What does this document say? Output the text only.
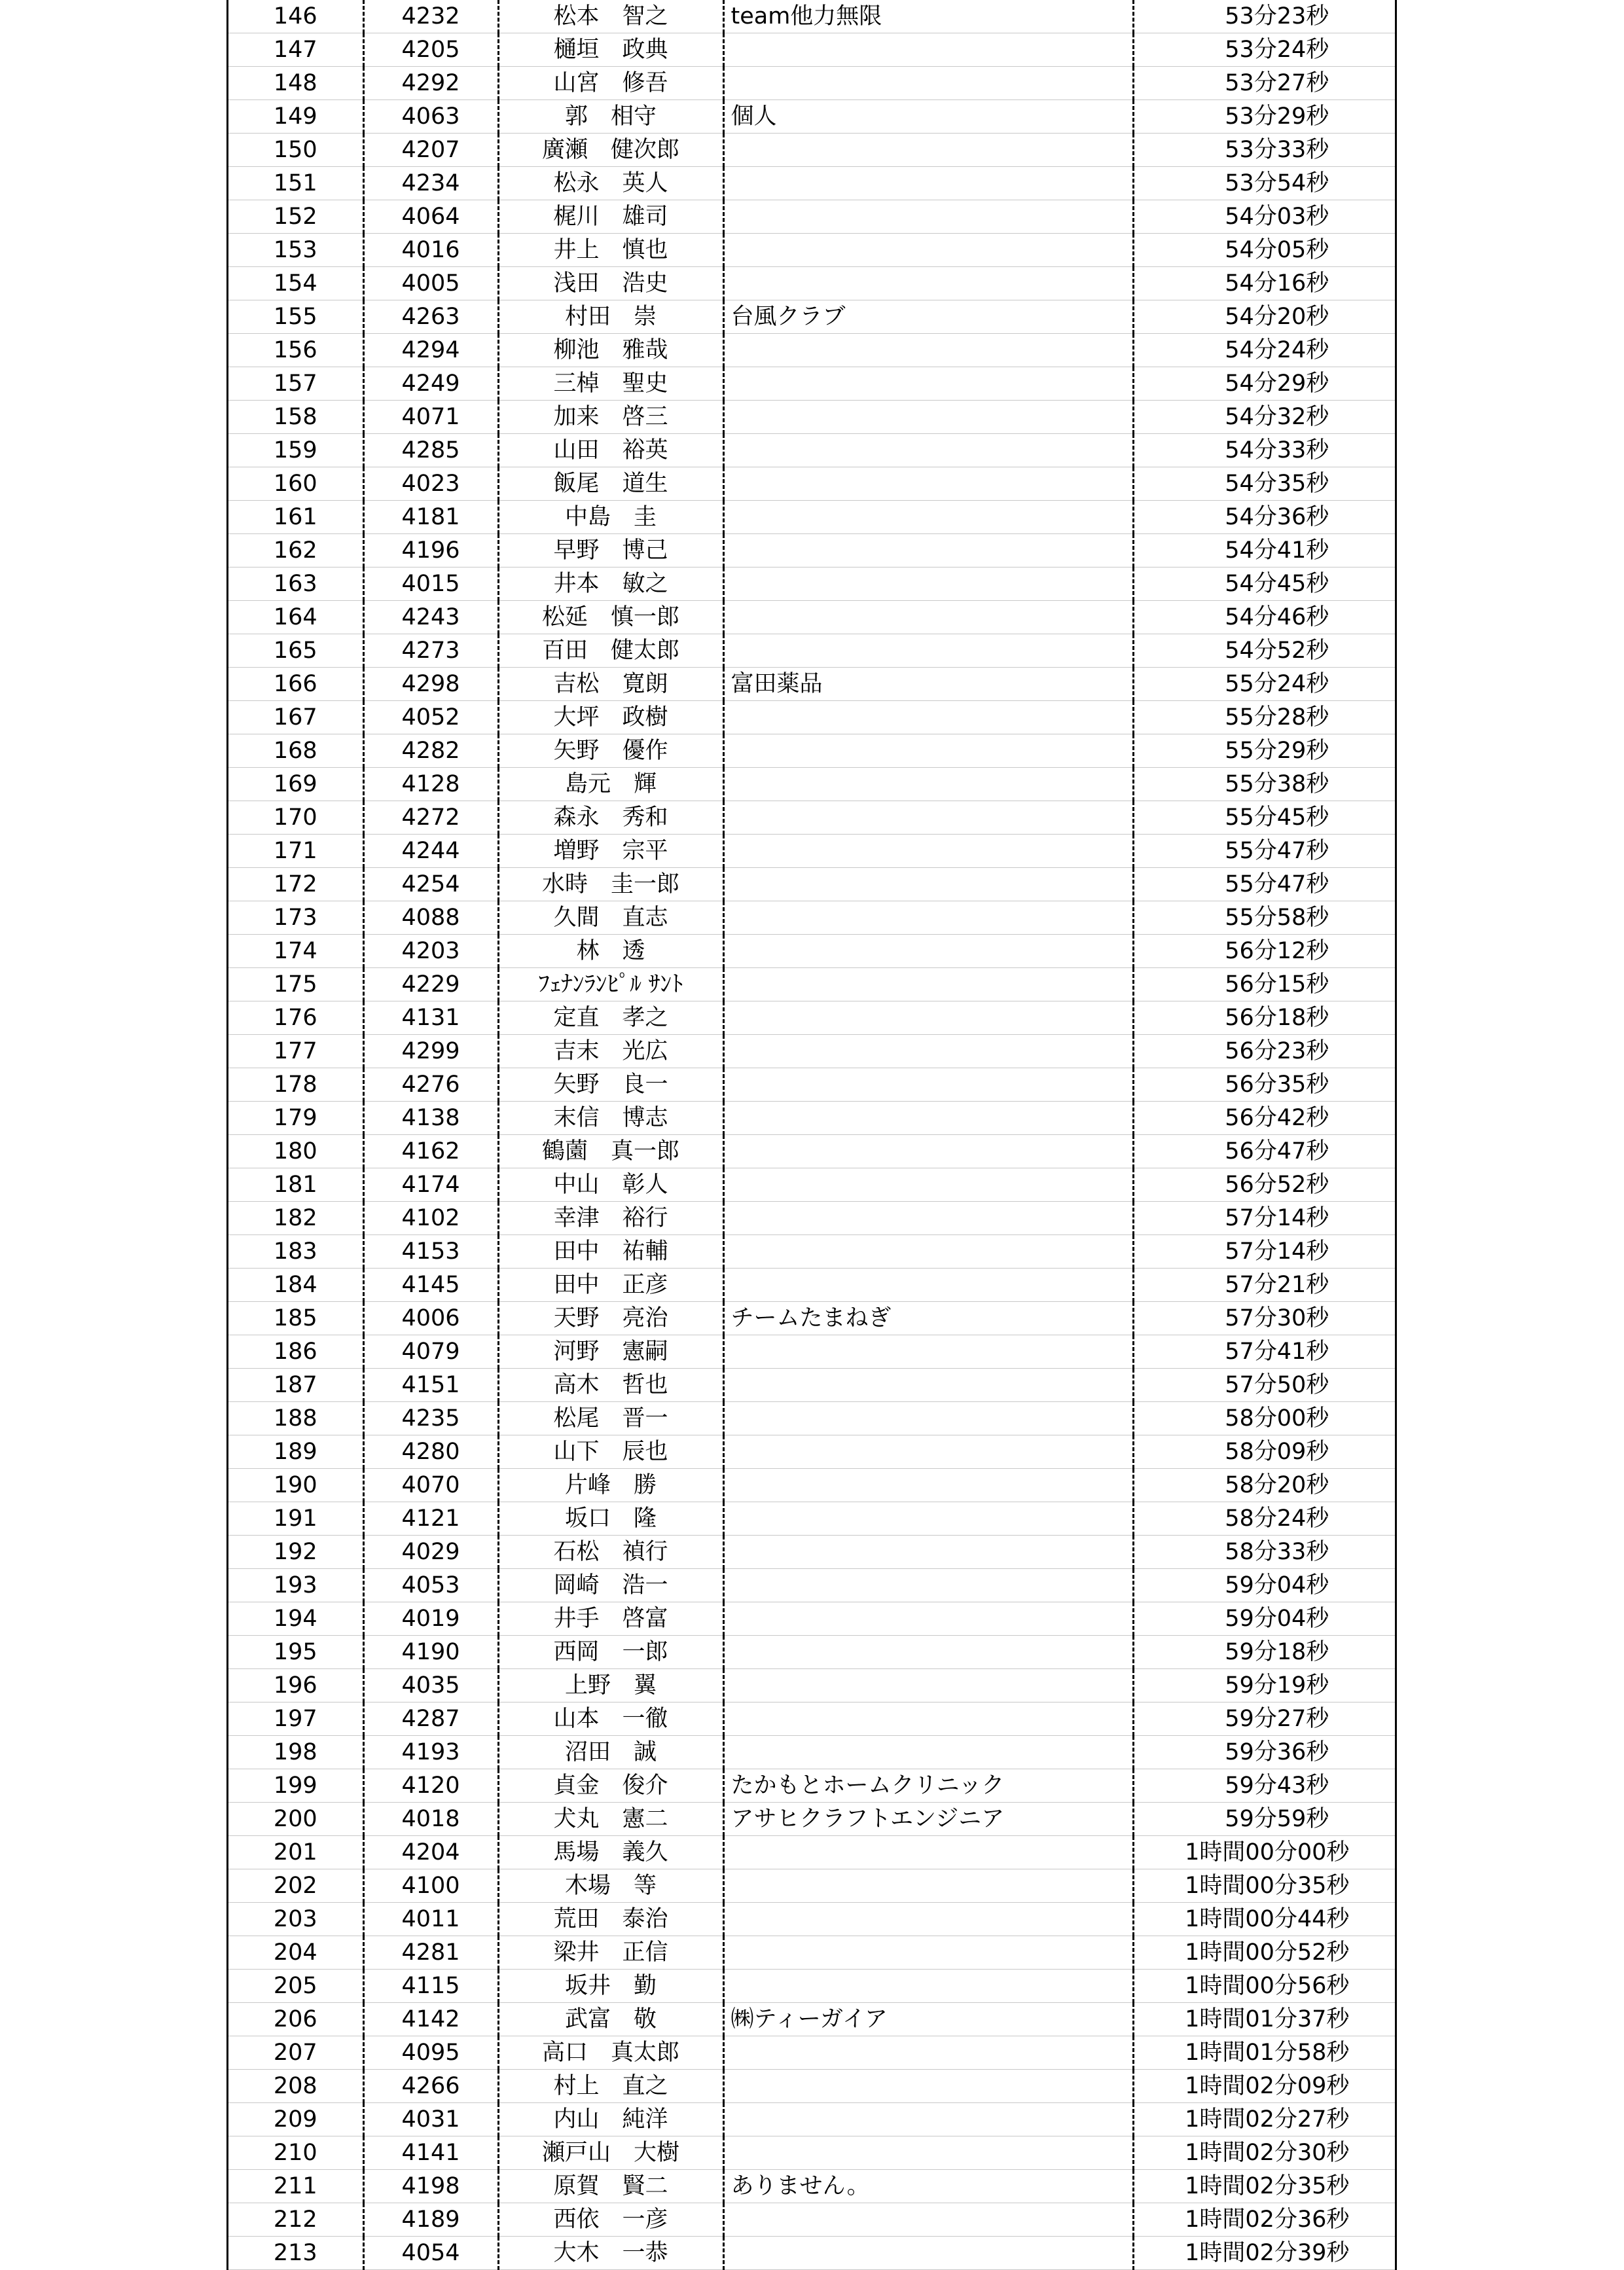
146	4232	松本　智之	team他力無限	53分23秒
147	4205	樋垣　政典		53分24秒
148	4292	山宮　修吾		53分27秒
149	4063	郭　相守	個人	53分29秒
150	4207	廣瀬　健次郎		53分33秒
151	4234	松永　英人		53分54秒
152	4064	梶川　雄司		54分03秒
153	4016	井上　慎也		54分05秒
154	4005	浅田　浩史		54分16秒
155	4263	村田　崇	台風クラブ	54分20秒
156	4294	柳池　雅哉		54分24秒
157	4249	三棹　聖史		54分29秒
158	4071	加来　啓三		54分32秒
159	4285	山田　裕英		54分33秒
160	4023	飯尾　道生		54分35秒
161	4181	中島　圭		54分36秒
162	4196	早野　博己		54分41秒
163	4015	井本　敏之		54分45秒
164	4243	松延　慎一郎		54分46秒
165	4273	百田　健太郎		54分52秒
166	4298	吉松　寛朗	富田薬品	55分24秒
167	4052	大坪　政樹		55分28秒
168	4282	矢野　優作		55分29秒
169	4128	島元　輝		55分38秒
170	4272	森永　秀和		55分45秒
171	4244	増野　宗平		55分47秒
172	4254	水時　圭一郎		55分47秒
173	4088	久間　直志		55分58秒
174	4203	林　透		56分12秒
175	4229	ﾌｪﾅﾝﾗﾝﾋﾟﾙ ｻﾝﾄ		56分15秒
176	4131	定直　孝之		56分18秒
177	4299	吉末　光広		56分23秒
178	4276	矢野　良一		56分35秒
179	4138	末信　博志		56分42秒
180	4162	鶴薗　真一郎		56分47秒
181	4174	中山　彰人		56分52秒
182	4102	幸津　裕行		57分14秒
183	4153	田中　祐輔		57分14秒
184	4145	田中　正彦		57分21秒
185	4006	天野　亮治	チームたまねぎ	57分30秒
186	4079	河野　憲嗣		57分41秒
187	4151	高木　哲也		57分50秒
188	4235	松尾　晋一		58分00秒
189	4280	山下　辰也		58分09秒
190	4070	片峰　勝		58分20秒
191	4121	坂口　隆		58分24秒
192	4029	石松　禎行		58分33秒
193	4053	岡崎　浩一		59分04秒
194	4019	井手　啓富		59分04秒
195	4190	西岡　一郎		59分18秒
196	4035	上野　翼		59分19秒
197	4287	山本　一徹		59分27秒
198	4193	沼田　誠		59分36秒
199	4120	貞金　俊介	たかもとホームクリニック	59分43秒
200	4018	犬丸　憲二	アサヒクラフトエンジニア	59分59秒
201	4204	馬場　義久		1時間00分00秒
202	4100	木場　等		1時間00分35秒
203	4011	荒田　泰治		1時間00分44秒
204	4281	梁井　正信		1時間00分52秒
205	4115	坂井　勤		1時間00分56秒
206	4142	武富　敬	㈱ティーガイア	1時間01分37秒
207	4095	高口　真太郎		1時間01分58秒
208	4266	村上　直之		1時間02分09秒
209	4031	内山　純洋		1時間02分27秒
210	4141	瀬戸山　大樹		1時間02分30秒
211	4198	原賀　賢二	ありません。	1時間02分35秒
212	4189	西依　一彦		1時間02分36秒
213	4054	大木　一恭		1時間02分39秒
